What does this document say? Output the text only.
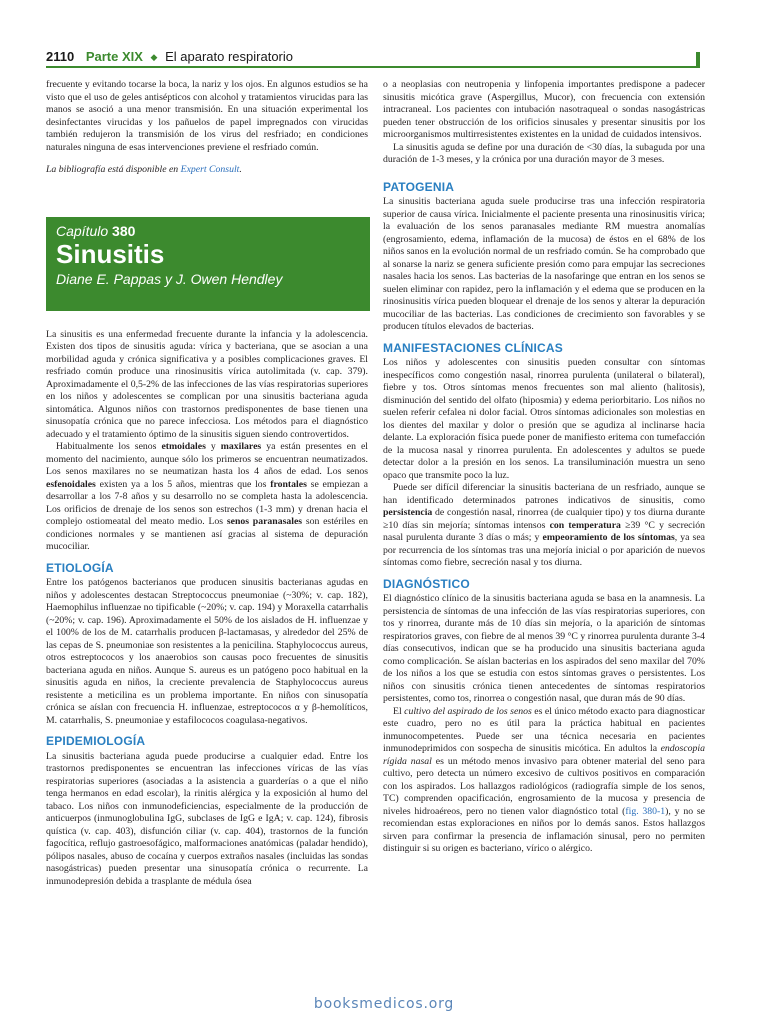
2110 Parte XIX ◆ El aparato respiratorio

frecuente y evitando tocarse la boca, la nariz y los ojos. En algunos estudios se ha visto que el uso de geles antisépticos con alcohol y tratamientos virucidas para las manos se asoció a una menor transmisión. En una situación experimental los desinfectantes virucidas y los pañuelos de papel impregnados con virucidas también redujeron la transmisión de los virus del resfriado; en condiciones naturales ninguna de esas intervenciones previene el resfriado común.

La bibliografía está disponible en Expert Consult.

Capítulo 380
Sinusitis
Diane E. Pappas y J. Owen Hendley

La sinusitis es una enfermedad frecuente durante la infancia y la adolescencia. Existen dos tipos de sinusitis aguda: vírica y bacteriana, que se asocian a una morbilidad aguda y crónica significativa y a posibles complicaciones graves. El resfriado común produce una rinosinusitis vírica autolimitada (v. cap. 379). Aproximadamente el 0,5-2% de las infecciones de las vías respiratorias superiores en los niños y adolescentes se complican por una sinusitis bacteriana aguda sintomática. Algunos niños con trastornos predisponentes de base tienen una sinusopatía crónica que no parece infecciosa. Los métodos para el diagnóstico adecuado y el tratamiento óptimo de la sinusitis siguen siendo controvertidos.

Habitualmente los senos etmoidales y maxilares ya están presentes en el momento del nacimiento, aunque sólo los primeros se encuentran neumatizados. Los senos maxilares no se neumatizan hasta los 4 años de edad. Los senos esfenoidales existen ya a los 5 años, mientras que los frontales se empiezan a desarrollar a los 7-8 años y su desarrollo no se completa hasta la adolescencia. Los orificios de drenaje de los senos son estrechos (1-3 mm) y drenan hacia el complejo ostiomeatal del meato medio. Los senos paranasales son estériles en condiciones normales y se mantienen así gracias al sistema de depuración mucociliar.

ETIOLOGÍA

Entre los patógenos bacterianos que producen sinusitis bacterianas agudas en niños y adolescentes destacan Streptococcus pneumoniae (~30%; v. cap. 182), Haemophilus influenzae no tipificable (~20%; v. cap. 194) y Moraxella catarrhalis (~20%; v. cap. 196). Aproximadamente el 50% de los aislados de H. influenzae y el 100% de los de M. catarrhalis producen β-lactamasas, y alrededor del 25% de las cepas de S. pneumoniae son resistentes a la penicilina. Staphylococcus aureus, otros estreptococos y los anaerobios son causas poco frecuentes de sinusitis bacteriana aguda en niños. Aunque S. aureus es un patógeno poco habitual en la sinusitis aguda en niños, la creciente prevalencia de Staphylococcus aureus resistente a meticilina es un problema importante. En niños con sinusopatía crónica se aíslan con frecuencia H. influenzae, estreptococos α y β-hemolíticos, M. catarrhalis, S. pneumoniae y estafilococos coagulasa-negativos.

EPIDEMIOLOGÍA

La sinusitis bacteriana aguda puede producirse a cualquier edad. Entre los trastornos predisponentes se encuentran las infecciones víricas de las vías respiratorias superiores (asociadas a la asistencia a guarderías o a que el niño tenga hermanos en edad escolar), la rinitis alérgica y la exposición al humo del tabaco. Los niños con inmunodeficiencias, especialmente de la producción de anticuerpos (inmunoglobulina IgG, subclases de IgG e IgA; v. cap. 124), fibrosis quística (v. cap. 403), disfunción ciliar (v. cap. 404), trastornos de la función fagocítica, reflujo gastroesofágico, malformaciones anatómicas (paladar hendido), pólipos nasales, abuso de cocaína y cuerpos extraños nasales (incluidas las sondas nasogástricas) pueden presentar una sinusopatía crónica o recurrente. La inmunodepresión debida a trasplante de médula ósea

o a neoplasias con neutropenia y linfopenia importantes predispone a padecer sinusitis micótica grave (Aspergillus, Mucor), con frecuencia con extensión intracraneal. Los pacientes con intubación nasotraqueal o sondas nasogástricas pueden tener obstrucción de los orificios sinusales y presentar sinusitis por los microorganismos multirresistentes existentes en la unidad de cuidados intensivos.

La sinusitis aguda se define por una duración de <30 días, la subaguda por una duración de 1-3 meses, y la crónica por una duración mayor de 3 meses.

PATOGENIA

La sinusitis bacteriana aguda suele producirse tras una infección respiratoria superior de causa vírica. Inicialmente el paciente presenta una rinosinusitis vírica; la evaluación de los senos paranasales mediante RM muestra anomalías (engrosamiento, edema, inflamación de la mucosa) de éstos en el 68% de los niños sanos en la evolución normal de un resfriado común. Se ha comprobado que al sonarse la nariz se genera suficiente presión como para empujar las secreciones nasales hacia los senos. Las bacterias de la nasofaringe que entran en los senos se suelen eliminar con rapidez, pero la inflamación y el edema que se producen en la rinosinusitis vírica pueden bloquear el drenaje de los senos y alterar la depuración mucociliar de las bacterias. Las condiciones de crecimiento son favorables y se producen títulos elevados de bacterias.

MANIFESTACIONES CLÍNICAS

Los niños y adolescentes con sinusitis pueden consultar con síntomas inespecíficos como congestión nasal, rinorrea purulenta (unilateral o bilateral), fiebre y tos. Otros síntomas menos frecuentes son mal aliento (halitosis), disminución del sentido del olfato (hiposmia) y edema periorbitario. Los niños no suelen referir cefalea ni dolor facial. Otros síntomas adicionales son molestias en los dientes del maxilar y dolor o presión que se agudiza al inclinarse hacia delante. La exploración física puede poner de manifiesto eritema con tumefacción de la mucosa nasal y rinorrea purulenta. En adolescentes y adultos se puede detectar dolor a la presión en los senos. La transiluminación muestra un seno opaco que transmite poco la luz.

Puede ser difícil diferenciar la sinusitis bacteriana de un resfriado, aunque se han identificado determinados patrones indicativos de sinusitis, como persistencia de congestión nasal, rinorrea (de cualquier tipo) y tos diurna durante ≥10 días sin mejoría; síntomas intensos con temperatura ≥39 °C y secreción nasal purulenta durante 3 días o más; y empeoramiento de los síntomas, ya sea por recurrencia de los síntomas tras una mejoría inicial o por aparición de nuevos síntomas como fiebre, secreción nasal y tos diurna.

DIAGNÓSTICO

El diagnóstico clínico de la sinusitis bacteriana aguda se basa en la anamnesis. La persistencia de síntomas de una infección de las vías respiratorias superiores, con tos y rinorrea, durante más de 10 días sin mejoría, o la aparición de síntomas respiratorios graves, con fiebre de al menos 39 °C y rinorrea purulenta durante 3-4 días consecutivos, indican que se ha producido una sinusitis bacteriana aguda como complicación. Se aíslan bacterias en los aspirados del seno maxilar del 70% de los niños a los que se estudia con estos síntomas graves o persistentes. Los niños con sinusitis crónica tienen antecedentes de síntomas respiratorios persistentes, como tos, rinorrea o congestión nasal, que duran más de 90 días.

El cultivo del aspirado de los senos es el único método exacto para diagnosticar este cuadro, pero no es útil para la práctica habitual en pacientes inmunocompetentes. Puede ser una técnica necesaria en pacientes inmunodeprimidos con sospecha de sinusitis micótica. En adultos la endoscopia rígida nasal es un método menos invasivo para obtener material del seno para cultivo, pero detecta un número excesivo de cultivos positivos en comparación con los aspirados. Los hallazgos radiológicos (radiografía simple de los senos, TC) comprenden opacificación, engrosamiento de la mucosa y presencia de niveles hidroaéreos, pero no tienen valor diagnóstico total (fig. 380-1), y no se recomiendan estas exploraciones en niños por lo demás sanos. Estos hallazgos sirven para confirmar la presencia de inflamación sinusal, pero no permiten distinguir si su origen es bacteriano, vírico o alérgico.

booksmedicos.org
